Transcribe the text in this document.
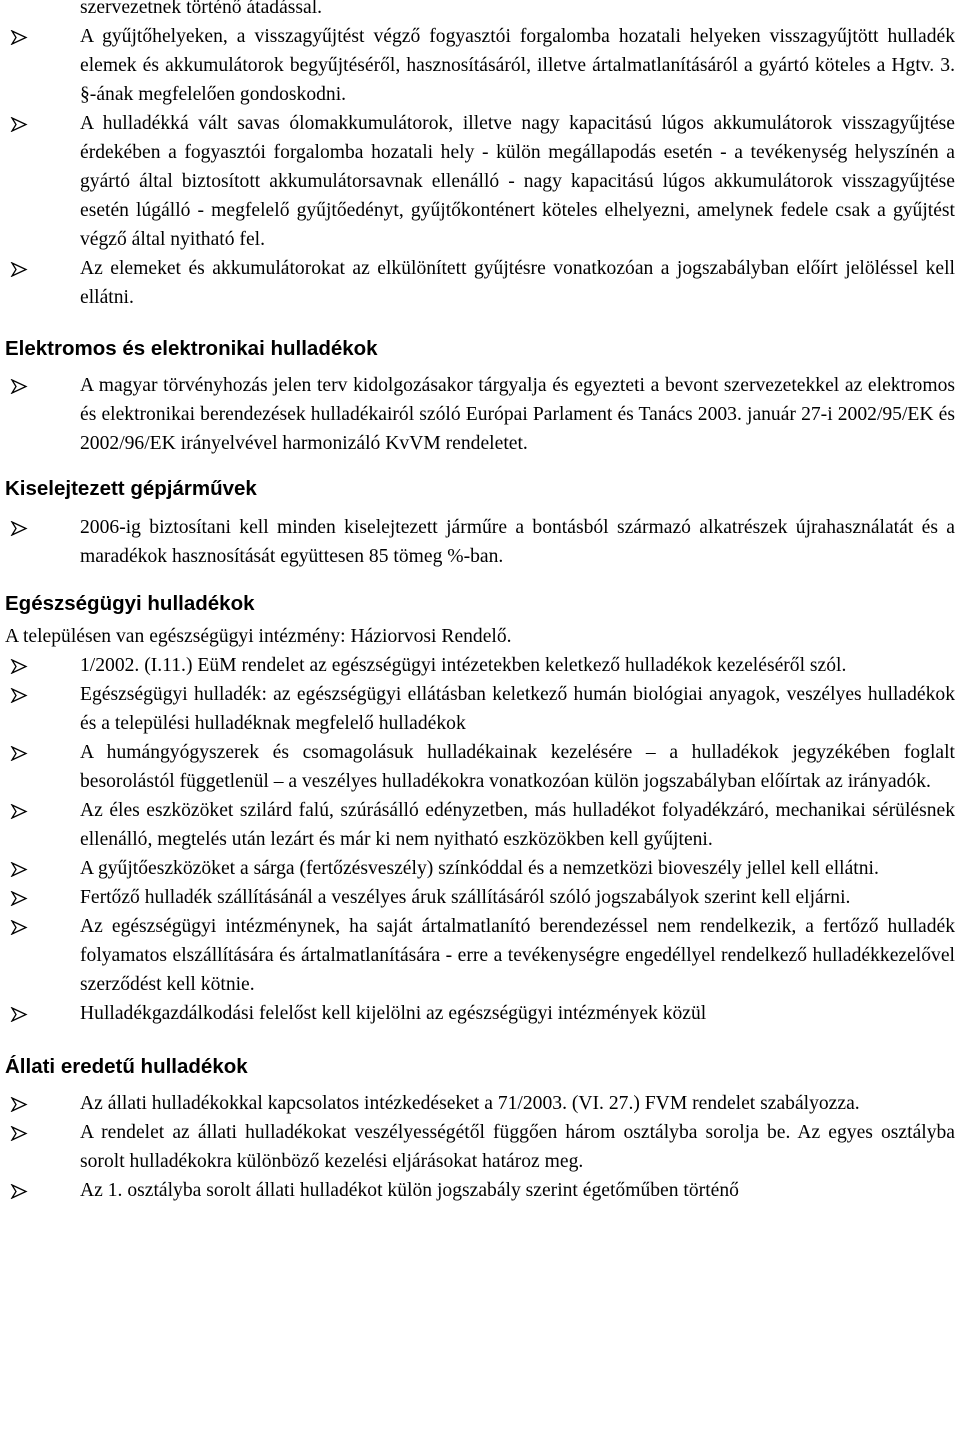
szervezetnek történő átadással.
A gyűjtőhelyeken, a visszagyűjtést végző fogyasztói forgalomba hozatali helyeken visszagyűjtött hulladék elemek és akkumulátorok begyűjtéséről, hasznosításáról, illetve ártalmatlanításáról a gyártó köteles a Hgtv. 3. §-ának megfelelően gondoskodni.
A hulladékká vált savas ólomakkumulátorok, illetve nagy kapacitású lúgos akkumulátorok visszagyűjtése érdekében a fogyasztói forgalomba hozatali hely - külön megállapodás esetén - a tevékenység helyszínén a gyártó által biztosított akkumulátorsavnak ellenálló - nagy kapacitású lúgos akkumulátorok visszagyűjtése esetén lúgálló - megfelelő gyűjtőedényt, gyűjtőkonténert köteles elhelyezni, amelynek fedele csak a gyűjtést végző által nyitható fel.
Az elemeket és akkumulátorokat az elkülönített gyűjtésre vonatkozóan a jogszabályban előírt jelöléssel kell ellátni.
Elektromos és elektronikai hulladékok
A magyar törvényhozás jelen terv kidolgozásakor tárgyalja és egyezteti a bevont szervezetekkel az elektromos és elektronikai berendezések hulladékairól szóló Európai Parlament és Tanács 2003. január 27-i 2002/95/EK és 2002/96/EK irányelvével harmonizáló KvVM rendeletet.
Kiselejtezett gépjárművek
2006-ig biztosítani kell minden kiselejtezett járműre a bontásból származó alkatrészek újrahasználatát és a maradékok hasznosítását együttesen 85 tömeg %-ban.
Egészségügyi hulladékok
A településen van egészségügyi intézmény: Háziorvosi Rendelő.
1/2002. (I.11.) EüM rendelet az egészségügyi intézetekben keletkező hulladékok kezeléséről szól.
Egészségügyi hulladék: az egészségügyi ellátásban keletkező humán biológiai anyagok, veszélyes hulladékok és a települési hulladéknak megfelelő hulladékok
A humángyógyszerek és csomagolásuk hulladékainak kezelésére – a hulladékok jegyzékében foglalt besorolástól függetlenül – a veszélyes hulladékokra vonatkozóan külön jogszabályban előírtak az irányadók.
Az éles eszközöket szilárd falú, szúrásálló edényzetben, más hulladékot folyadékzáró, mechanikai sérülésnek ellenálló, megtelés után lezárt és már ki nem nyitható eszközökben kell gyűjteni.
A gyűjtőeszközöket a sárga (fertőzésveszély) színkóddal és a nemzetközi bioveszély jellel kell ellátni.
Fertőző hulladék szállításánál a veszélyes áruk szállításáról szóló jogszabályok szerint kell eljárni.
Az egészségügyi intézménynek, ha saját ártalmatlanító berendezéssel nem rendelkezik, a fertőző hulladék folyamatos elszállítására és ártalmatlanítására - erre a tevékenységre engedéllyel rendelkező hulladékkezelővel szerződést kell kötnie.
Hulladékgazdálkodási felelőst kell kijelölni az egészségügyi intézmények közül
Állati eredetű hulladékok
Az állati hulladékokkal kapcsolatos intézkedéseket a 71/2003. (VI. 27.) FVM rendelet szabályozza.
A rendelet az állati hulladékokat veszélyességétől függően három osztályba sorolja be. Az egyes osztályba sorolt hulladékokra különböző kezelési eljárásokat határoz meg.
Az 1. osztályba sorolt állati hulladékot külön jogszabály szerint égetőműben történő
